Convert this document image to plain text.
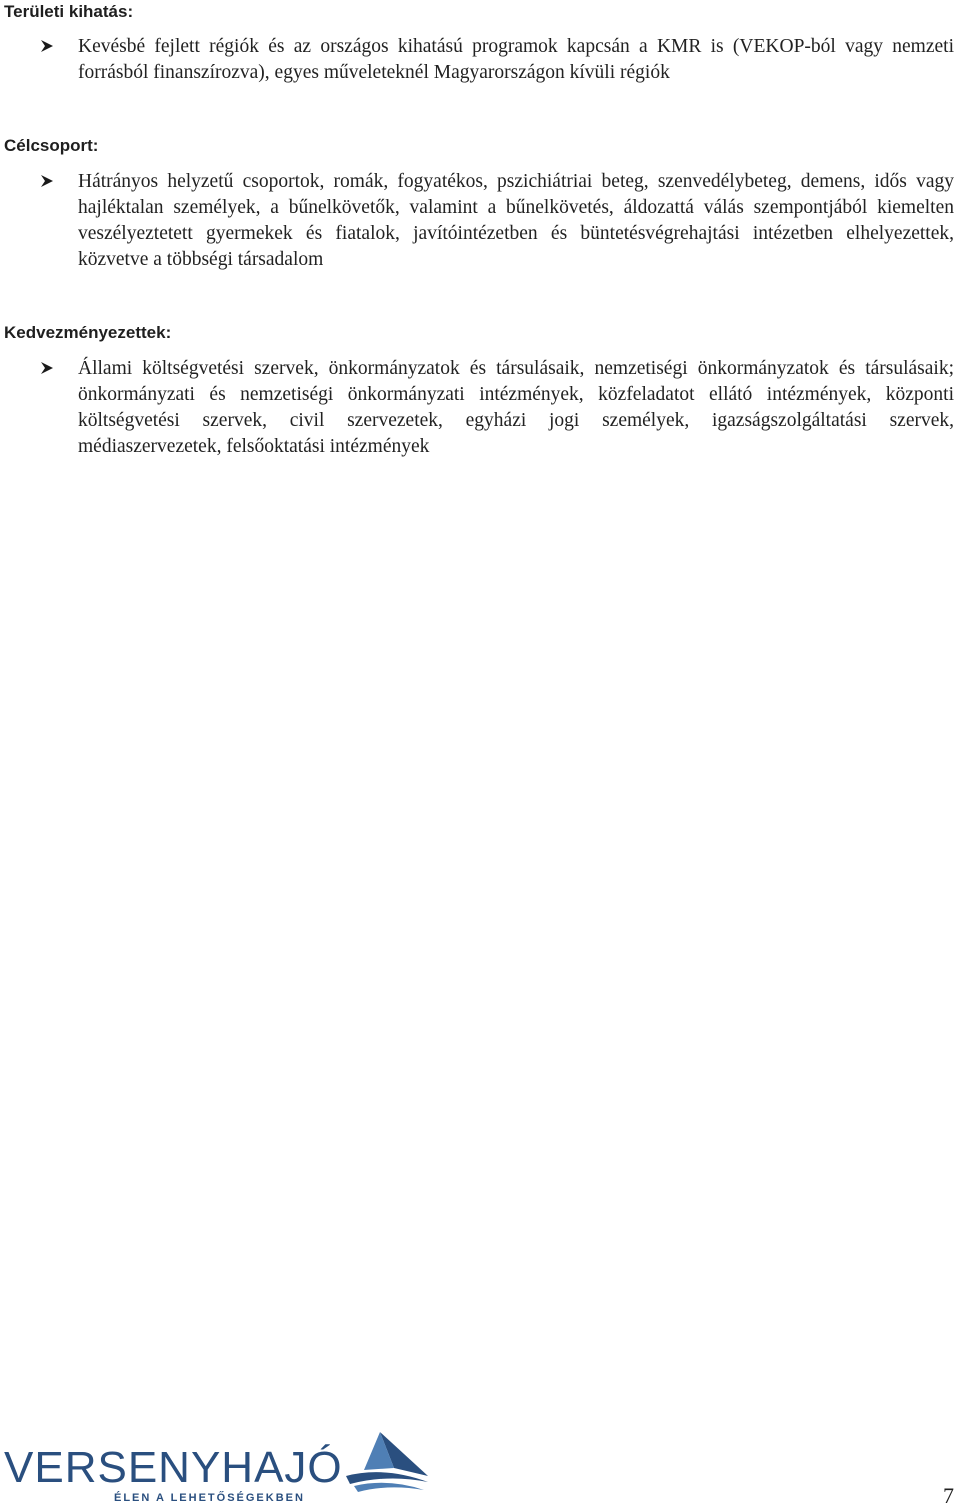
Területi kihatás:
Kevésbé fejlett régiók és az országos kihatású programok kapcsán a KMR is (VEKOP-ból vagy nemzeti forrásból finanszírozva), egyes műveleteknél Magyarországon kívüli régiók
Célcsoport:
Hátrányos helyzetű csoportok, romák, fogyatékos, pszichiátriai beteg, szenvedélybeteg, demens, idős vagy hajléktalan személyek, a bűnelkövetők, valamint a bűnelkövetés, áldozattá válás szempontjából kiemelten veszélyeztetett gyermekek és fiatalok, javítóintézetben és büntetésvégrehajtási intézetben elhelyezettek, közvetve a többségi társadalom
Kedvezményezettek:
Állami költségvetési szervek, önkormányzatok és társulásaik, nemzetiségi önkormányzatok és társulásaik; önkormányzati és nemzetiségi önkormányzati intézmények, közfeladatot ellátó intézmények, központi költségvetési szervek, civil szervezetek, egyházi jogi személyek, igazságszolgáltatási szervek, médiaszervezetek, felsőoktatási intézmények
VERSENYHAJÓ
ÉLEN A LEHETŐSÉGEKBEN	7
